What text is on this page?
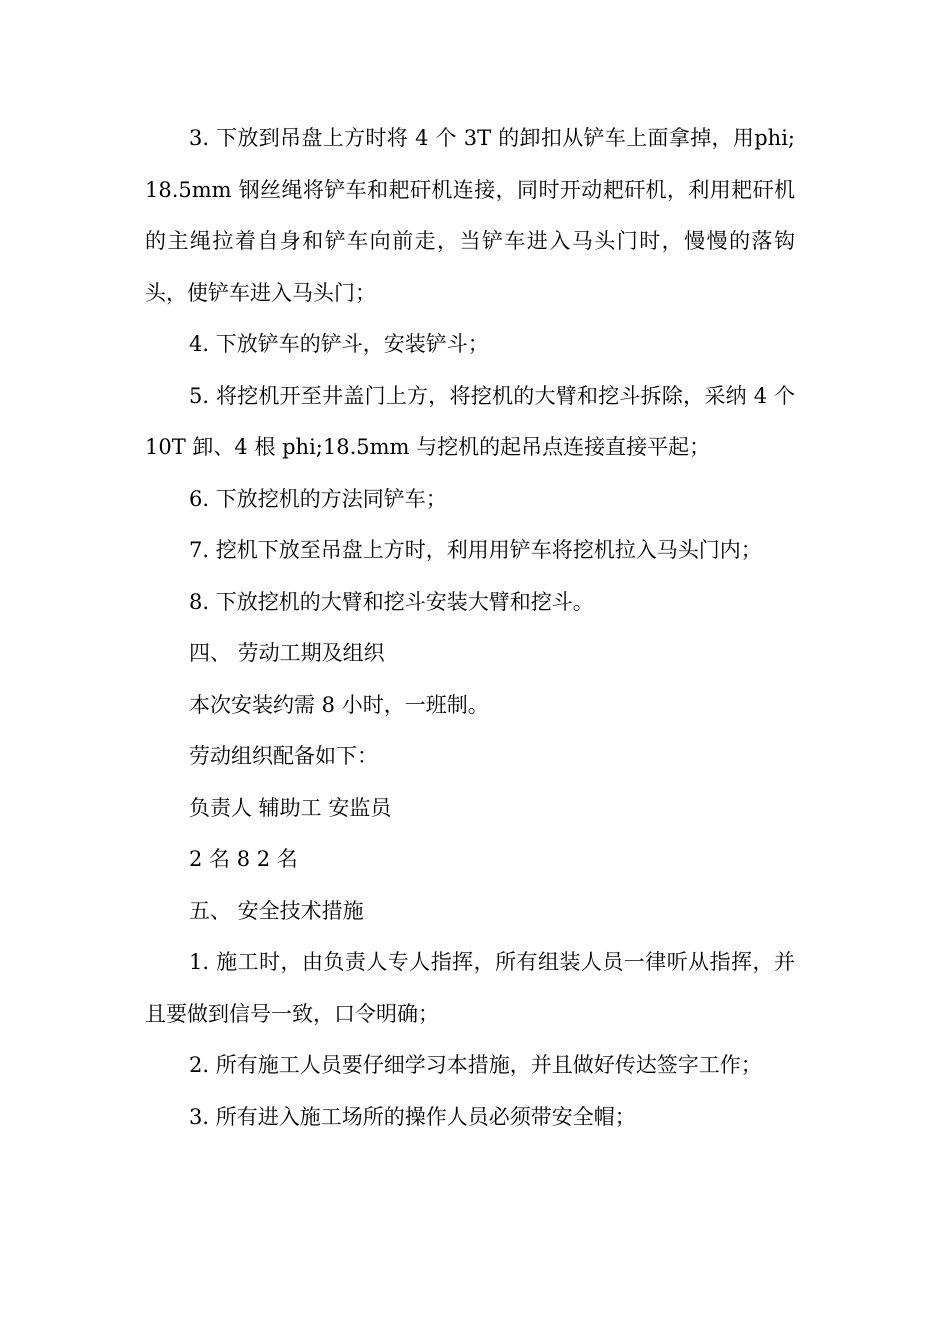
3. 下放到吊盘上方时将 4 个 3T 的卸扣从铲车上面拿掉，用phi;18.5mm 钢丝绳将铲车和耙矸机连接，同时开动耙矸机，利用耙矸机的主绳拉着自身和铲车向前走，当铲车进入马头门时，慢慢的落钩头，使铲车进入马头门；

4. 下放铲车的铲斗，安装铲斗；

5. 将挖机开至井盖门上方，将挖机的大臂和挖斗拆除，采纳 4 个 10T 卸、4 根 phi;18.5mm 与挖机的起吊点连接直接平起；

6. 下放挖机的方法同铲车；

7. 挖机下放至吊盘上方时，利用用铲车将挖机拉入马头门内；

8. 下放挖机的大臂和挖斗安装大臂和挖斗。

四、 劳动工期及组织

本次安装约需 8 小时，一班制。

劳动组织配备如下：

负责人 辅助工 安监员

2 名 8 2 名

五、 安全技术措施

1. 施工时，由负责人专人指挥，所有组装人员一律听从指挥，并且要做到信号一致，口令明确；

2. 所有施工人员要仔细学习本措施，并且做好传达签字工作；

3. 所有进入施工场所的操作人员必须带安全帽；
